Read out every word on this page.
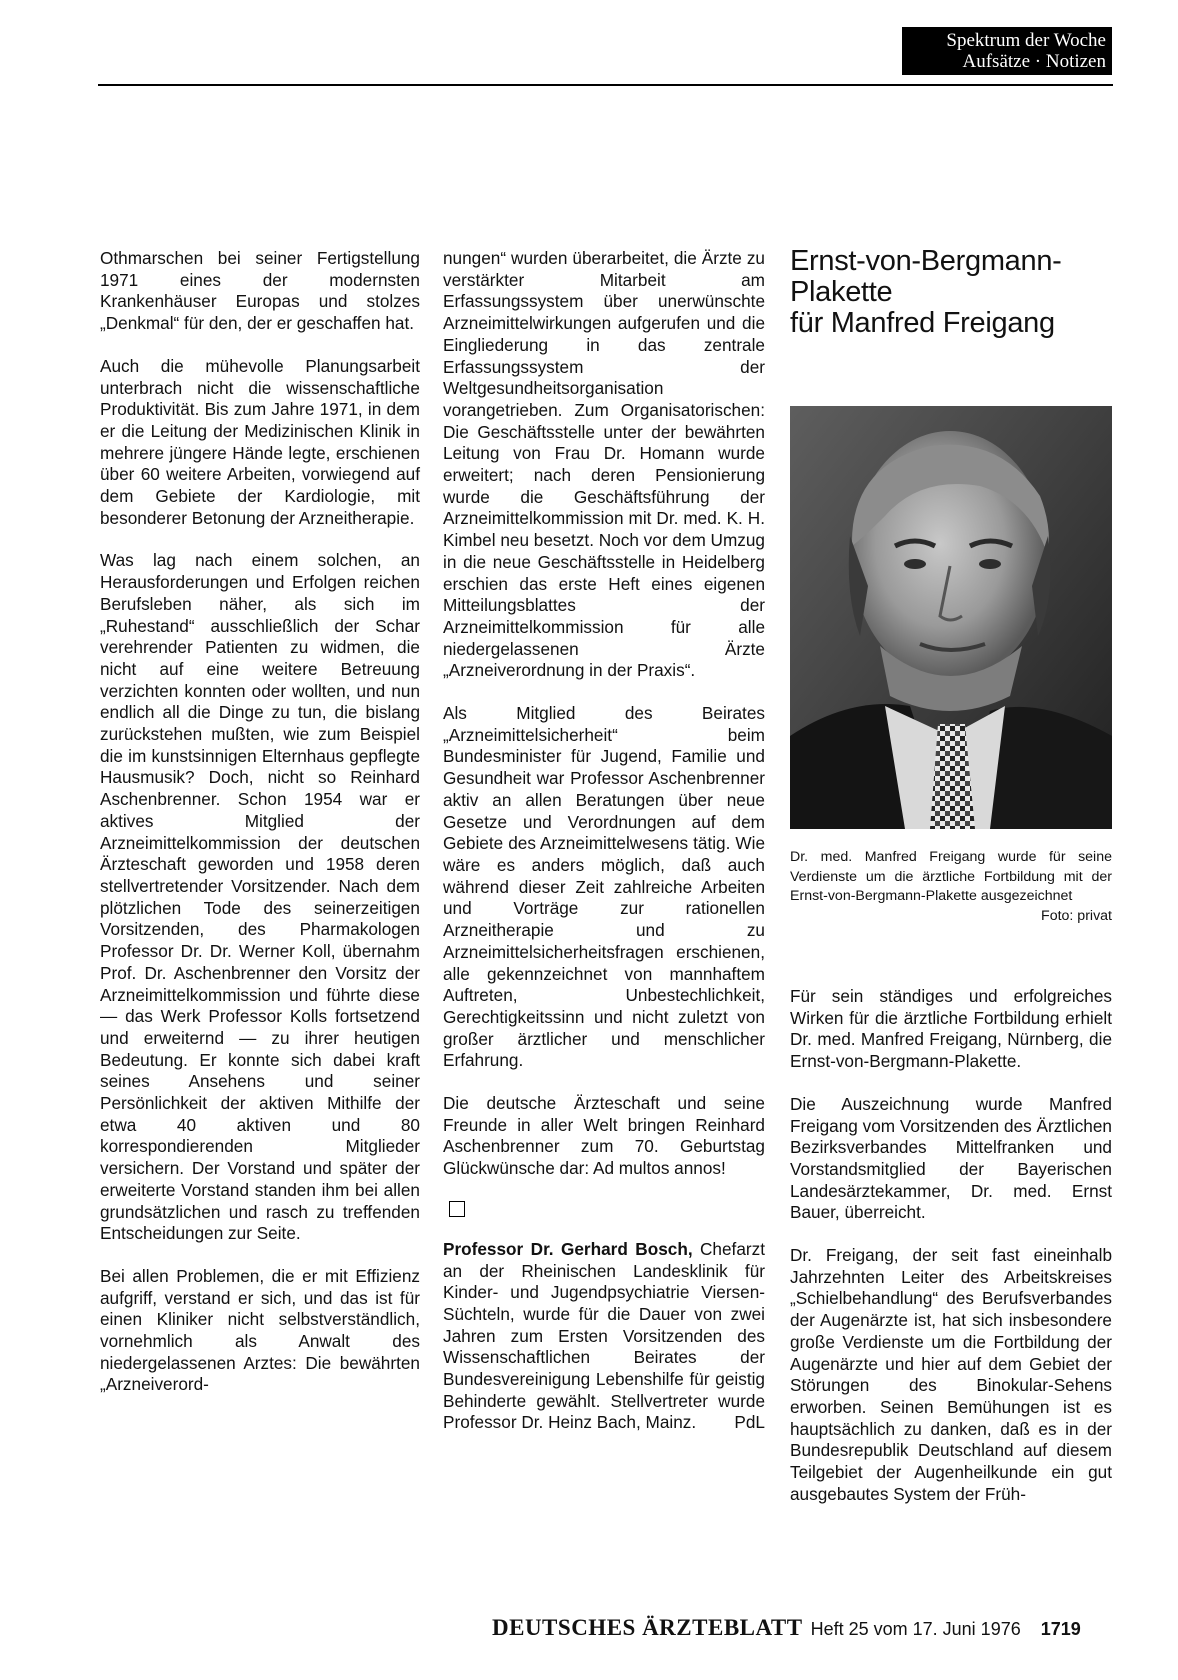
Spektrum der Woche
Aufsätze · Notizen

Othmarschen bei seiner Fertigstellung 1971 eines der modernsten Krankenhäuser Europas und stolzes „Denkmal“ für den, der er geschaffen hat.

Auch die mühevolle Planungsarbeit unterbrach nicht die wissenschaftliche Produktivität. Bis zum Jahre 1971, in dem er die Leitung der Medizinischen Klinik in mehrere jüngere Hände legte, erschienen über 60 weitere Arbeiten, vorwiegend auf dem Gebiete der Kardiologie, mit besonderer Betonung der Arzneitherapie.

Was lag nach einem solchen, an Herausforderungen und Erfolgen reichen Berufsleben näher, als sich im „Ruhestand“ ausschließlich der Schar verehrender Patienten zu widmen, die nicht auf eine weitere Betreuung verzichten konnten oder wollten, und nun endlich all die Dinge zu tun, die bislang zurückstehen mußten, wie zum Beispiel die im kunstsinnigen Elternhaus gepflegte Hausmusik? Doch, nicht so Reinhard Aschenbrenner. Schon 1954 war er aktives Mitglied der Arzneimittelkommission der deutschen Ärzteschaft geworden und 1958 deren stellvertretender Vorsitzender. Nach dem plötzlichen Tode des seinerzeitigen Vorsitzenden, des Pharmakologen Professor Dr. Dr. Werner Koll, übernahm Prof. Dr. Aschenbrenner den Vorsitz der Arzneimittelkommission und führte diese — das Werk Professor Kolls fortsetzend und erweiternd — zu ihrer heutigen Bedeutung. Er konnte sich dabei kraft seines Ansehens und seiner Persönlichkeit der aktiven Mithilfe der etwa 40 aktiven und 80 korrespondierenden Mitglieder versichern. Der Vorstand und später der erweiterte Vorstand standen ihm bei allen grundsätzlichen und rasch zu treffenden Entscheidungen zur Seite.

Bei allen Problemen, die er mit Effizienz aufgriff, verstand er sich, und das ist für einen Kliniker nicht selbstverständlich, vornehmlich als Anwalt des niedergelassenen Arztes: Die bewährten „Arzneiverord-

nungen“ wurden überarbeitet, die Ärzte zu verstärkter Mitarbeit am Erfassungssystem über unerwünschte Arzneimittelwirkungen aufgerufen und die Eingliederung in das zentrale Erfassungssystem der Weltgesundheitsorganisation vorangetrieben. Zum Organisatorischen: Die Geschäftsstelle unter der bewährten Leitung von Frau Dr. Homann wurde erweitert; nach deren Pensionierung wurde die Geschäftsführung der Arzneimittelkommission mit Dr. med. K. H. Kimbel neu besetzt. Noch vor dem Umzug in die neue Geschäftsstelle in Heidelberg erschien das erste Heft eines eigenen Mitteilungsblattes der Arzneimittelkommission für alle niedergelassenen Ärzte „Arzneiverordnung in der Praxis“.

Als Mitglied des Beirates „Arzneimittelsicherheit“ beim Bundesminister für Jugend, Familie und Gesundheit war Professor Aschenbrenner aktiv an allen Beratungen über neue Gesetze und Verordnungen auf dem Gebiete des Arzneimittelwesens tätig. Wie wäre es anders möglich, daß auch während dieser Zeit zahlreiche Arbeiten und Vorträge zur rationellen Arzneitherapie und zu Arzneimittelsicherheitsfragen erschienen, alle gekennzeichnet von mannhaftem Auftreten, Unbestechlichkeit, Gerechtigkeitssinn und nicht zuletzt von großer ärztlicher und menschlicher Erfahrung.

Die deutsche Ärzteschaft und seine Freunde in aller Welt bringen Reinhard Aschenbrenner zum 70. Geburtstag Glückwünsche dar: Ad multos annos!

Professor Dr. Gerhard Bosch, Chefarzt an der Rheinischen Landesklinik für Kinder- und Jugendpsychiatrie Viersen-Süchteln, wurde für die Dauer von zwei Jahren zum Ersten Vorsitzenden des Wissenschaftlichen Beirates der Bundesvereinigung Lebenshilfe für geistig Behinderte gewählt. Stellvertreter wurde Professor Dr. Heinz Bach, Mainz. PdL

Ernst-von-Bergmann-
Plakette
für Manfred Freigang
Dr. med. Manfred Freigang wurde für seine Verdienste um die ärztliche Fortbildung mit der Ernst-von-Bergmann-Plakette ausgezeichnet
Foto: privat

Für sein ständiges und erfolgreiches Wirken für die ärztliche Fortbildung erhielt Dr. med. Manfred Freigang, Nürnberg, die Ernst-von-Bergmann-Plakette.

Die Auszeichnung wurde Manfred Freigang vom Vorsitzenden des Ärztlichen Bezirksverbandes Mittelfranken und Vorstandsmitglied der Bayerischen Landesärztekammer, Dr. med. Ernst Bauer, überreicht.

Dr. Freigang, der seit fast eineinhalb Jahrzehnten Leiter des Arbeitskreises „Schielbehandlung“ des Berufsverbandes der Augenärzte ist, hat sich insbesondere große Verdienste um die Fortbildung der Augenärzte und hier auf dem Gebiet der Störungen des Binokular-Sehens erworben. Seinen Bemühungen ist es hauptsächlich zu danken, daß es in der Bundesrepublik Deutschland auf diesem Teilgebiet der Augenheilkunde ein gut ausgebautes System der Früh-

DEUTSCHES ÄRZTEBLATT Heft 25 vom 17. Juni 1976 1719
